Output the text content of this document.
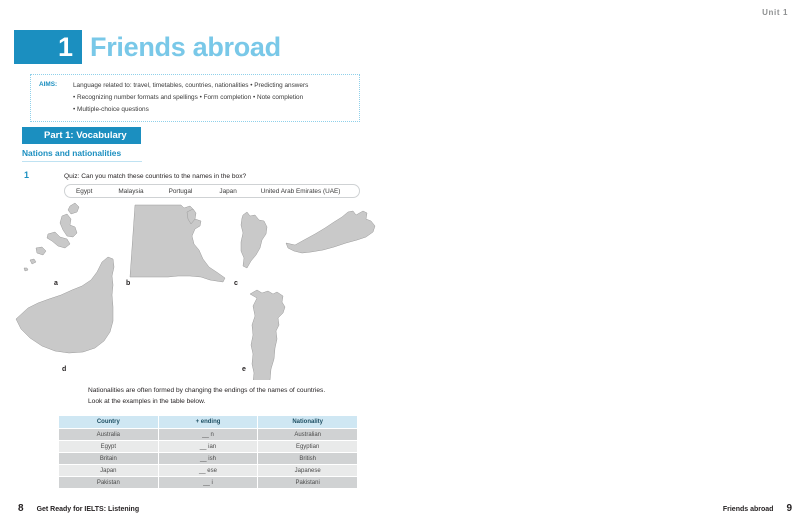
1 Friends abroad
AIMS:	Language related to: travel, timetables, countries, nationalities • Predicting answers
• Recognizing number formats and spellings • Form completion • Note completion
• Multiple-choice questions
Part 1: Vocabulary
Nations and nationalities
1	Quiz: Can you match these countries to the names in the box?
Egypt	Malaysia	Portugal	Japan	United Arab Emirates (UAE)
a	b	c
d	e
Nationalities are often formed by changing the endings of the names of countries.
Look at the examples in the table below.
Country	+ ending	Nationality
Australia	__ n	Australian
Egypt	__ ian	Egyptian
Britain	__ ish	British
Japan	__ ese	Japanese
Pakistan	__ i	Pakistani
8 Get Ready for IELTS: Listening
Unit 1

Friends abroad 9
